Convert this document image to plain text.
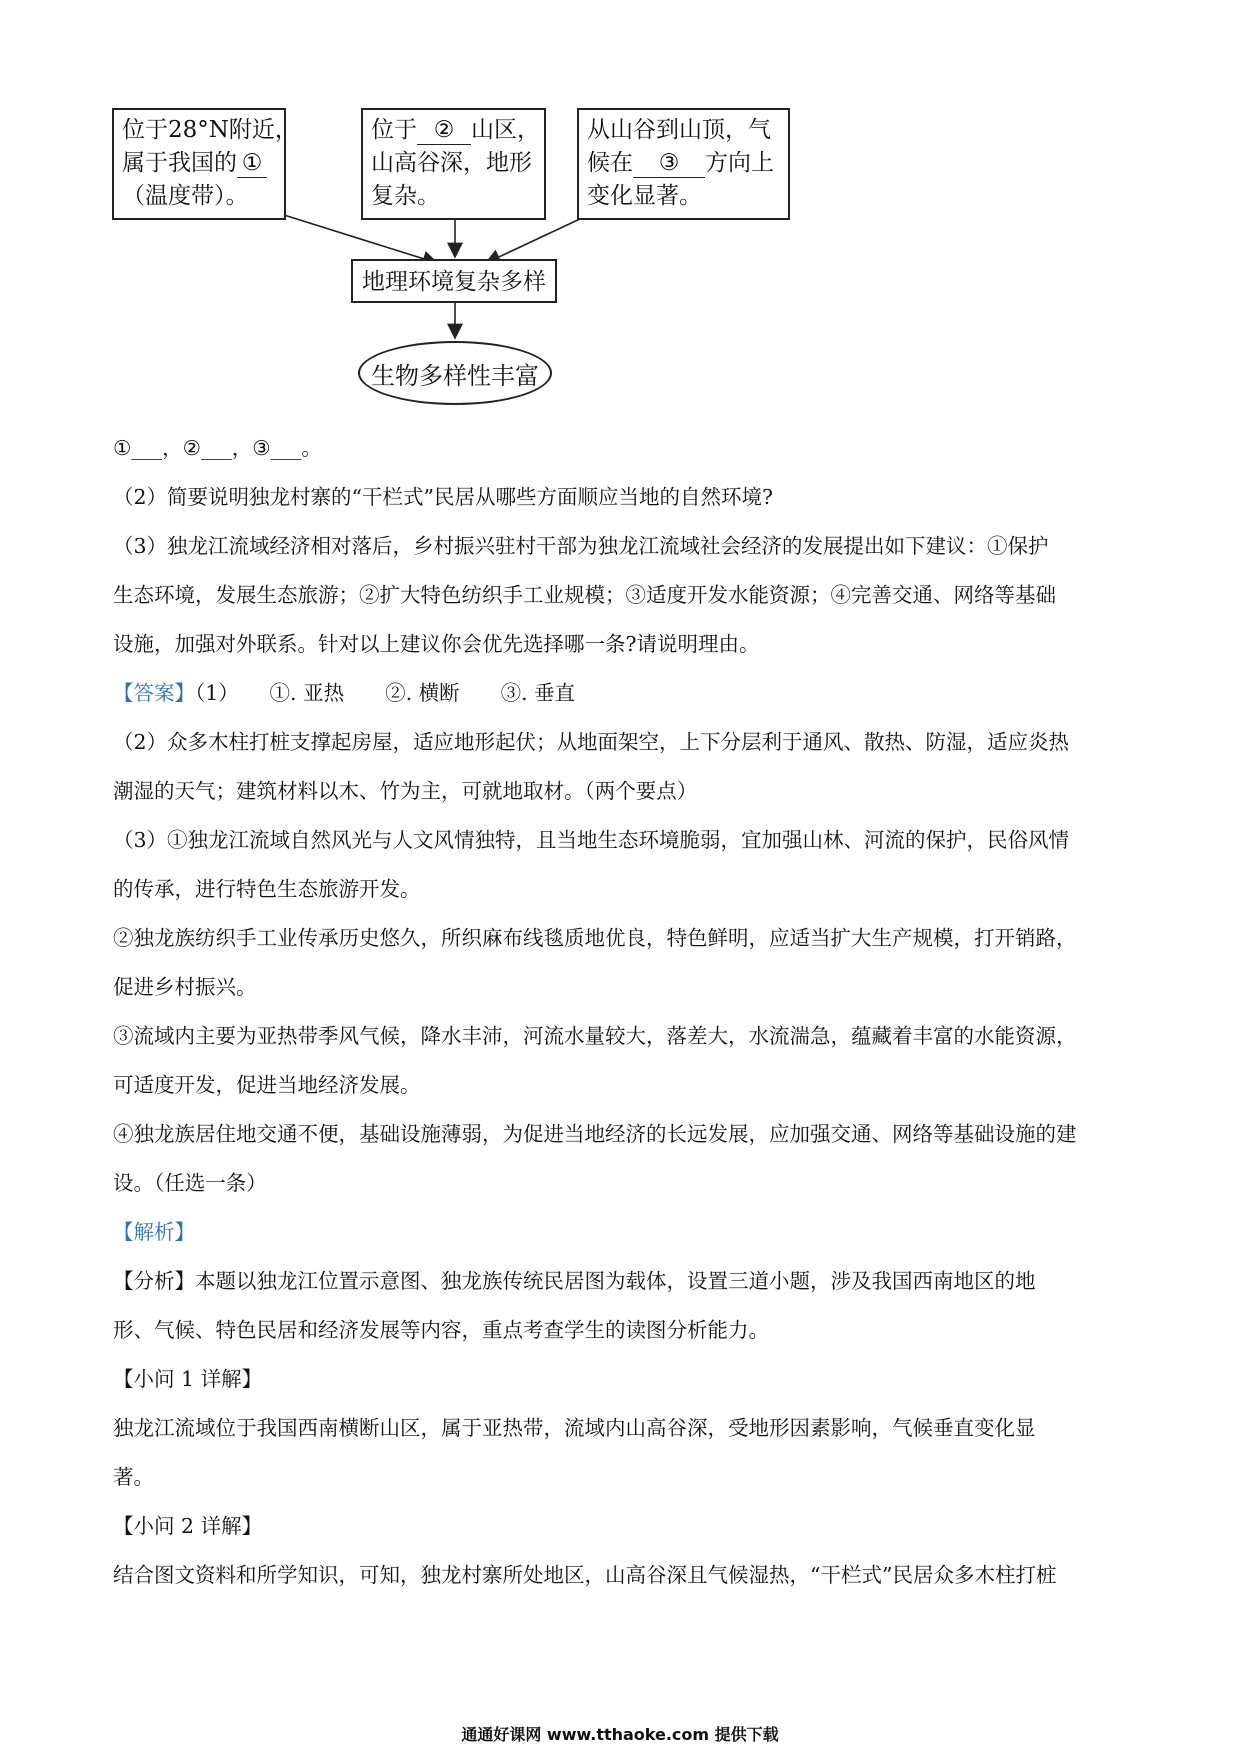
位于28°N附近，
属于我国的 ①
（温度带）。
位于 ② 山区，
山高谷深，地形
复杂。
从山谷到山顶，气
候在 ③ 方向上
变化显著。
地理环境复杂多样
生物多样性丰富
①___，②___，③___。
（2）简要说明独龙村寨的“干栏式”民居从哪些方面顺应当地的自然环境?
（3）独龙江流域经济相对落后，乡村振兴驻村干部为独龙江流域社会经济的发展提出如下建议：①保护
生态环境，发展生态旅游；②扩大特色纺织手工业规模；③适度开发水能资源；④完善交通、网络等基础
设施，加强对外联系。针对以上建议你会优先选择哪一条?请说明理由。
【答案】（1）　　①. 亚热　　②. 横断　　③. 垂直
（2）众多木柱打桩支撑起房屋，适应地形起伏；从地面架空，上下分层利于通风、散热、防湿，适应炎热
潮湿的天气；建筑材料以木、竹为主，可就地取材。（两个要点）
（3）①独龙江流域自然风光与人文风情独特，且当地生态环境脆弱，宜加强山林、河流的保护，民俗风情
的传承，进行特色生态旅游开发。
②独龙族纺织手工业传承历史悠久，所织麻布线毯质地优良，特色鲜明，应适当扩大生产规模，打开销路，
促进乡村振兴。
③流域内主要为亚热带季风气候，降水丰沛，河流水量较大，落差大，水流湍急，蕴藏着丰富的水能资源，
可适度开发，促进当地经济发展。
④独龙族居住地交通不便，基础设施薄弱，为促进当地经济的长远发展，应加强交通、网络等基础设施的建
设。（任选一条）
【解析】
【分析】本题以独龙江位置示意图、独龙族传统民居图为载体，设置三道小题，涉及我国西南地区的地
形、气候、特色民居和经济发展等内容，重点考查学生的读图分析能力。
【小问 1 详解】
独龙江流域位于我国西南横断山区，属于亚热带，流域内山高谷深，受地形因素影响，气候垂直变化显
著。
【小问 2 详解】
结合图文资料和所学知识，可知，独龙村寨所处地区，山高谷深且气候湿热，“干栏式”民居众多木柱打桩
通通好课网 www.tthaoke.com 提供下载
